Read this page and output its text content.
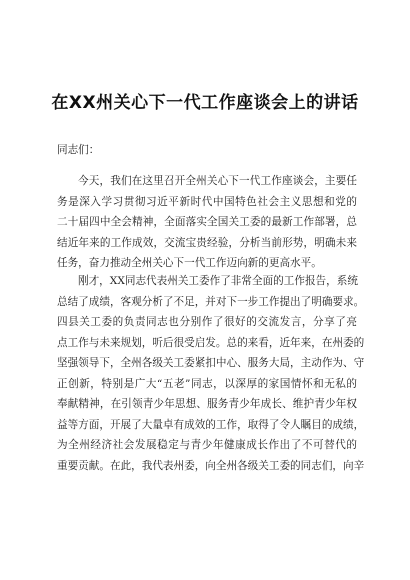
在XX州关心下一代工作座谈会上的讲话
同志们：
今天，我们在这里召开全州关心下一代工作座谈会，主要任
务是深入学习贯彻习近平新时代中国特色社会主义思想和党的
二十届四中全会精神，全面落实全国关工委的最新工作部署，总
结近年来的工作成效，交流宝贵经验，分析当前形势，明确未来
任务，奋力推动全州关心下一代工作迈向新的更高水平。
刚才，XX同志代表州关工委作了非常全面的工作报告，系统
总结了成绩，客观分析了不足，并对下一步工作提出了明确要求。
四县关工委的负责同志也分别作了很好的交流发言，分享了亮
点工作与未来规划，听后很受启发。总的来看，近年来，在州委的
坚强领导下，全州各级关工委紧扣中心、服务大局，主动作为、守
正创新，特别是广大“五老”同志，以深厚的家国情怀和无私的
奉献精神，在引领青少年思想、服务青少年成长、维护青少年权
益等方面，开展了大量卓有成效的工作，取得了令人瞩目的成绩，
为全州经济社会发展稳定与青少年健康成长作出了不可替代的
重要贡献。在此，我代表州委，向全州各级关工委的同志们，向辛
